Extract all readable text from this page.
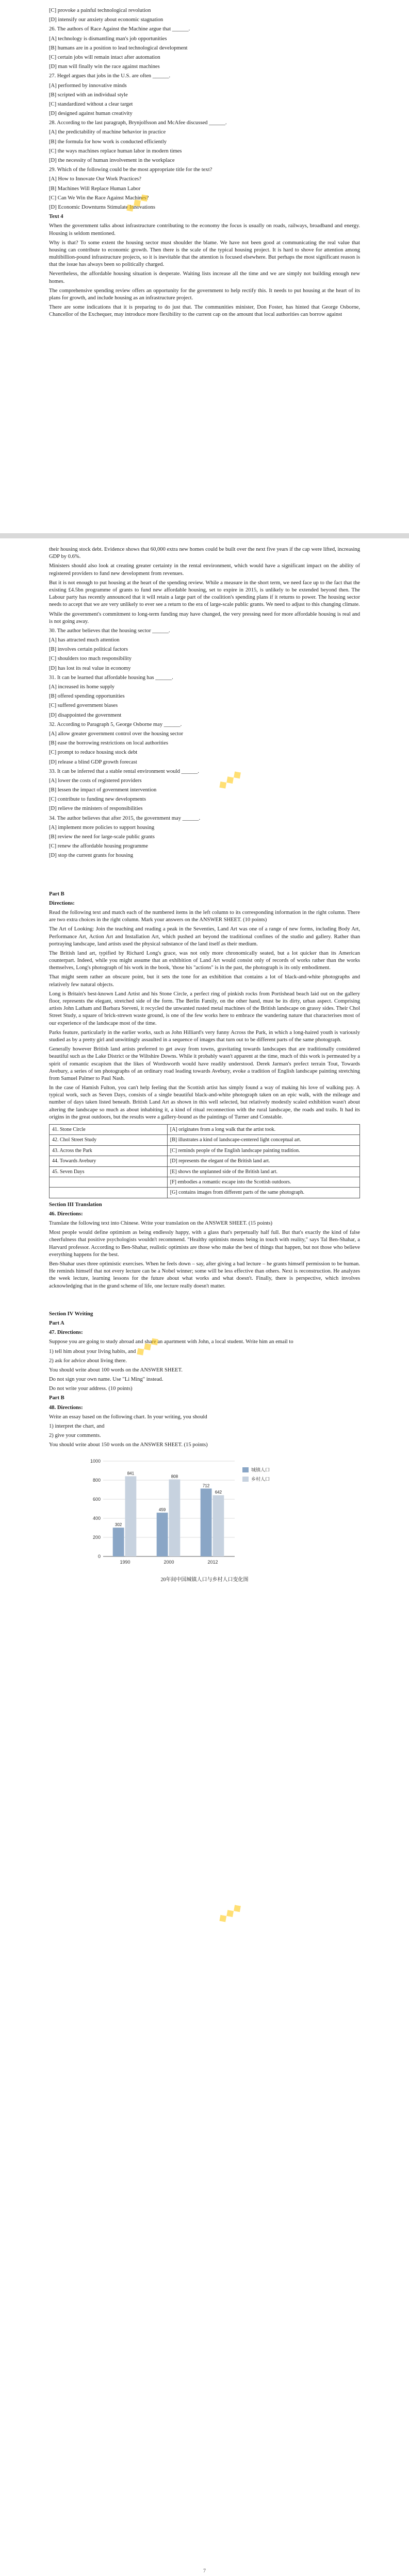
[C] provoke a painful technological revolution

[D] intensify our anxiety about economic stagnation

26. The authors of Race Against the Machine argue that ______.

[A] technology is dismantling man's job opportunities

[B] humans are in a position to lead technological development

[C] certain jobs will remain intact after automation

[D] man will finally win the race against machines

27. Hegel argues that jobs in the U.S. are often ______.

[A] performed by innovative minds

[B] scripted with an individual style

[C] standardized without a clear target

[D] designed against human creativity

28. According to the last paragraph, Brynjolfsson and McAfee discussed ______.

[A] the predictability of machine behavior in practice

[B] the formula for how work is conducted efficiently

[C] the ways machines replace human labor in modern times

[D] the necessity of human involvement in the workplace

29. Which of the following could be the most appropriate title for the text?

[A] How to Innovate Our Work Practices?

[B] Machines Will Replace Human Labor

[C] Can We Win the Race Against Machines?

[D] Economic Downturns Stimulate Innovations

Text 4

When the government talks about infrastructure contributing to the economy the focus is usually on roads, railways, broadband and energy. Housing is seldom mentioned.

Why is that? To some extent the housing sector must shoulder the blame. We have not been good at communicating the real value that housing can contribute to economic growth. Then there is the scale of the typical housing project. It is hard to shove for attention among multibillion-pound infrastructure projects, so it is inevitable that the attention is focused elsewhere. But perhaps the most significant reason is that the issue has always been so politically charged.

Nevertheless, the affordable housing situation is desperate. Waiting lists increase all the time and we are simply not building enough new homes.

The comprehensive spending review offers an opportunity for the government to help rectify this. It needs to put housing at the heart of its plans for growth, and include housing as an infrastructure project.

There are some indications that it is preparing to do just that. The communities minister, Don Foster, has hinted that George Osborne, Chancellor of the Exchequer, may introduce more flexibility to the current cap on the amount that local authorities can borrow against

their housing stock debt. Evidence shows that 60,000 extra new homes could be built over the next five years if the cap were lifted, increasing GDP by 0.6%.

Ministers should also look at creating greater certainty in the rental environment, which would have a significant impact on the ability of registered providers to fund new development from revenues.

But it is not enough to put housing at the heart of the spending review. While a measure in the short term, we need face up to the fact that the existing £4.5bn programme of grants to fund new affordable housing, set to expire in 2015, is unlikely to be extended beyond then. The Labour party has recently announced that it will retain a large part of the coalition's spending plans if it returns to power. The housing sector needs to accept that we are very unlikely to ever see a return to the era of large-scale public grants. We need to adjust to this changing climate.

While the government's commitment to long-term funding may have changed, the very pressing need for more affordable housing is real and is not going away.

30. The author believes that the housing sector ______.

[A] has attracted much attention

[B] involves certain political factors

[C] shoulders too much responsibility

[D] has lost its real value in economy

31. It can be learned that affordable housing has ______.

[A] increased its home supply

[B] offered spending opportunities

[C] suffered government biases

[D] disappointed the government

32. According to Paragraph 5, George Osborne may ______.

[A] allow greater government control over the housing sector

[B] ease the borrowing restrictions on local authorities

[C] prompt to reduce housing stock debt

[D] release a blind GDP growth forecast

33. It can be inferred that a stable rental environment would ______.

[A] lower the costs of registered providers

[B] lessen the impact of government intervention

[C] contribute to funding new developments

[D] relieve the ministers of responsibilities

34. The author believes that after 2015, the government may ______.

[A] implement more policies to support housing

[B] review the need for large-scale public grants

[C] renew the affordable housing programme

[D] stop the current grants for housing

Part B

Directions:

Read the following text and match each of the numbered items in the left column to its corresponding information in the right column. There are two extra choices in the right column. Mark your answers on the ANSWER SHEET. (10 points)

The Art of Looking: Join the teaching and reading a peak in the Seventies, Land Art was one of a range of new forms, including Body Art, Performance Art, Action Art and Installation Art, which pushed art beyond the traditional confines of the studio and gallery. Rather than portraying landscape, land artists used the physical substance of the land itself as their medium.

The British land art, typified by Richard Long's grace, was not only more chronomically seated, but a lot quicker than its American counterpart. Indeed, while you might assume that an exhibition of Land Art would consist only of records of works rather than the works themselves, Long's photograph of his work in the book, 'those his "actions" is in the past, the photograph is its only embodiment.

That might seem rather an obscure point, but it sets the tone for an exhibition that contains a lot of black-and-white photographs and relatively few natural objects.

Long is Britain's best-known Land Artist and his Stone Circle, a perfect ring of pinkish rocks from Portishead beach laid out on the gallery floor, represents the elegant, stretched side of the form. The Berlin Family, on the other hand, must be its dirty, urban aspect. Comprising artists John Latham and Barbara Steveni, it recycled the unwanted rusted metal machines of the British landscape on grassy sides. Their Chol Street Study, a square of brick-strewn waste ground, is one of the few works here to embrace the wandering nature that characterises most of our experience of the landscape most of the time.

Parks feature, particularly in the earlier works, such as John Hilliard's very funny Across the Park, in which a long-haired youth is variously studied as by a pretty girl and unwittingly assaulted in a sequence of images that turn out to be different parts of the same photograph.

Generally however British land artists preferred to get away from towns, gravitating towards landscapes that are traditionally considered beautiful such as the Lake District or the Wiltshire Downs. While it probably wasn't apparent at the time, much of this work is permeated by a spirit of romantic escapism that the likes of Wordsworth would have readily understood. Derek Jarman's prefect terrain Tout, Towards Avebury, a series of ten photographs of an ordinary road leading towards Avebury, evoke a tradition of English landscape painting stretching from Samuel Palmer to Paul Nash.

In the case of Hamish Fulton, you can't help feeling that the Scottish artist has simply found a way of making his love of walking pay. A typical work, such as Seven Days, consists of a single beautiful black-and-white photograph taken on an epic walk, with the mileage and number of days taken listed beneath. British Land Art as shown in this well selected, but relatively modestly scaled exhibition wasn't about altering the landscape so much as about inhabiting it, a kind of ritual reconnection with the rural landscape, the roads and trails. It had its origins in the great outdoors, but the results were a gallery-bound as the paintings of Turner and Constable.

41. Stone Circle	[A] originates from a long walk that the artist took.
42. Chol Street Study	[B] illustrates a kind of landscape-centered light conceptual art.
43. Across the Park	[C] reminds people of the English landscape painting tradition.
44. Towards Avebury	[D] represents the elegant of the British land art.
45. Seven Days	[E] shows the unplanned side of the British land art.
	[F] embodies a romantic escape into the Scottish outdoors.
	[G] contains images from different parts of the same photograph.

Section III Translation

46. Directions:

Translate the following text into Chinese. Write your translation on the ANSWER SHEET. (15 points)

Most people would define optimism as being endlessly happy, with a glass that's perpetually half full. But that's exactly the kind of false cheerfulness that positive psychologists wouldn't recommend. "Healthy optimists means being in touch with reality," says Tal Ben-Shahar, a Harvard professor. According to Ben-Shahar, realistic optimists are those who make the best of things that happen, but not those who believe everything happens for the best.

Ben-Shahar uses three optimistic exercises. When he feels down – say, after giving a bad lecture – he grants himself permission to be human. He reminds himself that not every lecture can be a Nobel winner; some will be less effective than others. Next is reconstruction. He analyzes the week lecture, learning lessons for the future about what works and what doesn't. Finally, there is perspective, which involves acknowledging that in the grand scheme of life, one lecture really doesn't matter.

Section IV Writing

Part A

47. Directions:

Suppose you are going to study abroad and share an apartment with John, a local student. Write him an email to

1) tell him about your living habits, and

2) ask for advice about living there.

You should write about 100 words on the ANSWER SHEET.

Do not sign your own name. Use "Li Ming" instead.

Do not write your address. (10 points)

Part B

48. Directions:

Write an essay based on the following chart. In your writing, you should

1) interpret the chart, and

2) give your comments.

You should write about 150 words on the ANSWER SHEET. (15 points)

0
200
400
600
800
1000
302
841
1990
459
808
2000
712
642
2012
城镇人口
乡村人口

20年间中国城镇人口与乡村人口变化图

7

◆◆◆
◆◆◆
◆◆◆
◆◆◆
